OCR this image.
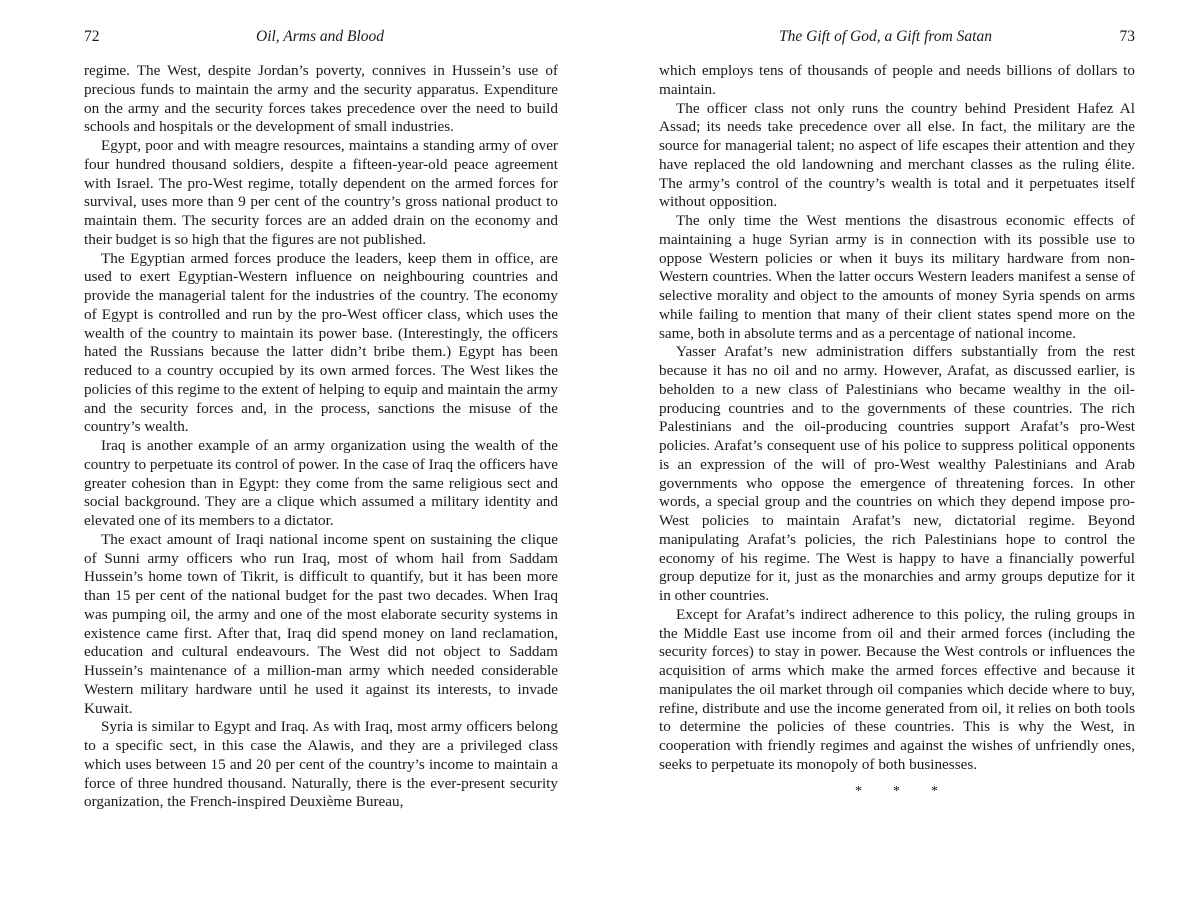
72	Oil, Arms and Blood

regime. The West, despite Jordan’s poverty, connives in Hussein’s use of precious funds to maintain the army and the security apparatus. Expenditure on the army and the security forces takes precedence over the need to build schools and hospitals or the development of small industries.

Egypt, poor and with meagre resources, maintains a standing army of over four hundred thousand soldiers, despite a fifteen-year-old peace agreement with Israel. The pro-West regime, totally dependent on the armed forces for survival, uses more than 9 per cent of the country’s gross national product to maintain them. The security forces are an added drain on the economy and their budget is so high that the figures are not published.

The Egyptian armed forces produce the leaders, keep them in office, are used to exert Egyptian-Western influence on neighbouring countries and provide the managerial talent for the industries of the country. The economy of Egypt is controlled and run by the pro-West officer class, which uses the wealth of the country to maintain its power base. (Interestingly, the officers hated the Russians because the latter didn’t bribe them.) Egypt has been reduced to a country occupied by its own armed forces. The West likes the policies of this regime to the extent of helping to equip and maintain the army and the security forces and, in the process, sanctions the misuse of the country’s wealth.

Iraq is another example of an army organization using the wealth of the country to perpetuate its control of power. In the case of Iraq the officers have greater cohesion than in Egypt: they come from the same religious sect and social background. They are a clique which assumed a military identity and elevated one of its members to a dictator.

The exact amount of Iraqi national income spent on sustaining the clique of Sunni army officers who run Iraq, most of whom hail from Saddam Hussein’s home town of Tikrit, is difficult to quantify, but it has been more than 15 per cent of the national budget for the past two decades. When Iraq was pumping oil, the army and one of the most elaborate security systems in existence came first. After that, Iraq did spend money on land reclamation, education and cultural endeavours. The West did not object to Saddam Hussein’s maintenance of a million-man army which needed considerable Western military hardware until he used it against its interests, to invade Kuwait.

Syria is similar to Egypt and Iraq. As with Iraq, most army officers belong to a specific sect, in this case the Alawis, and they are a privileged class which uses between 15 and 20 per cent of the country’s income to maintain a force of three hundred thousand. Naturally, there is the ever-present security organization, the French-inspired Deuxième Bureau,

The Gift of God, a Gift from Satan	73

which employs tens of thousands of people and needs billions of dollars to maintain.

The officer class not only runs the country behind President Hafez Al Assad; its needs take precedence over all else. In fact, the military are the source for managerial talent; no aspect of life escapes their attention and they have replaced the old landowning and merchant classes as the ruling élite. The army’s control of the country’s wealth is total and it perpetuates itself without opposition.

The only time the West mentions the disastrous economic effects of maintaining a huge Syrian army is in connection with its possible use to oppose Western policies or when it buys its military hardware from non-Western countries. When the latter occurs Western leaders manifest a sense of selective morality and object to the amounts of money Syria spends on arms while failing to mention that many of their client states spend more on the same, both in absolute terms and as a percentage of national income.

Yasser Arafat’s new administration differs substantially from the rest because it has no oil and no army. However, Arafat, as discussed earlier, is beholden to a new class of Palestinians who became wealthy in the oil-producing countries and to the governments of these countries. The rich Palestinians and the oil-producing countries support Arafat’s pro-West policies. Arafat’s consequent use of his police to suppress political opponents is an expression of the will of pro-West wealthy Palestinians and Arab governments who oppose the emergence of threatening forces. In other words, a special group and the countries on which they depend impose pro-West policies to maintain Arafat’s new, dictatorial regime. Beyond manipulating Arafat’s policies, the rich Palestinians hope to control the economy of his regime. The West is happy to have a financially powerful group deputize for it, just as the monarchies and army groups deputize for it in other countries.

Except for Arafat’s indirect adherence to this policy, the ruling groups in the Middle East use income from oil and their armed forces (including the security forces) to stay in power. Because the West controls or influences the acquisition of arms which make the armed forces effective and because it manipulates the oil market through oil companies which decide where to buy, refine, distribute and use the income generated from oil, it relies on both tools to determine the policies of these countries. This is why the West, in cooperation with friendly regimes and against the wishes of unfriendly ones, seeks to perpetuate its monopoly of both businesses.

* * *
